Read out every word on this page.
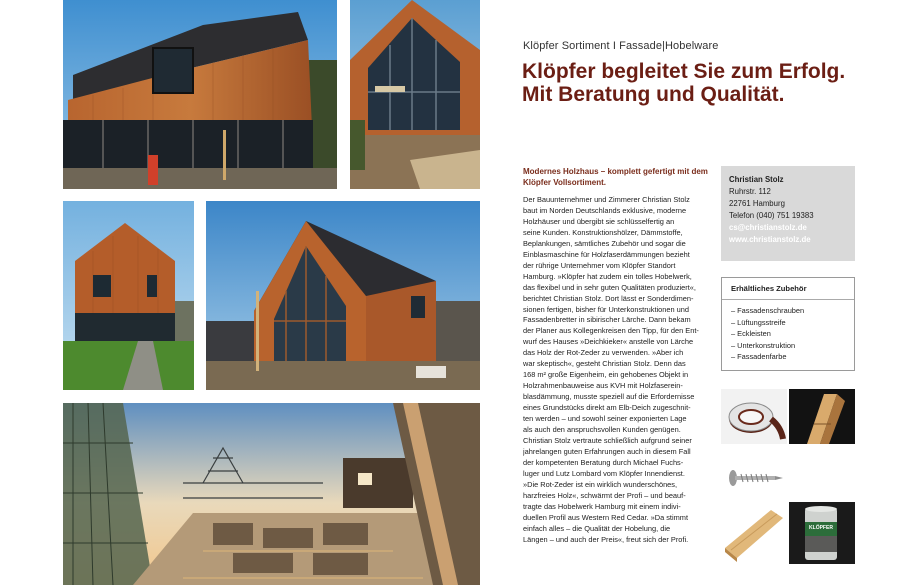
Klöpfer Sortiment I Fassade|Hobelware
Klöpfer begleitet Sie zum Erfolg.
Mit Beratung und Qualität.
Modernes Holzhaus – komplett gefertigt mit dem Klöpfer Vollsortiment.

Der Bauunternehmer und Zimmerer Christian Stolz
baut im Norden Deutschlands exklusive, moderne
Holzhäuser und übergibt sie schlüsselfertig an
seine Kunden. Konstruktionshölzer, Dämmstoffe,
Beplankungen, sämtliches Zubehör und sogar die
Einblasmaschine für Holzfaserdämmungen bezieht
der rührige Unternehmer vom Klöpfer Standort
Hamburg. »Klöpfer hat zudem ein tolles Hobelwerk,
das flexibel und in sehr guten Qualitäten produziert«,
berichtet Christian Stolz. Dort lässt er Sonderdimen-
sionen fertigen, bisher für Unterkonstruktionen und
Fassadenbretter in sibirischer Lärche. Dann bekam
der Planer aus Kollegenkreisen den Tipp, für den Ent-
wurf des Hauses »Deichkieker« anstelle von Lärche
das Holz der Rot-Zeder zu verwenden. »Aber ich
war skeptisch«, gesteht Christian Stolz. Denn das
168 m² große Eigenheim, ein gehobenes Objekt in
Holzrahmenbauweise aus KVH mit Holzfaserein-
blasdämmung, musste speziell auf die Erfordernisse
eines Grundstücks direkt am Elb-Deich zugeschnit-
ten werden – und sowohl seiner exponierten Lage
als auch den anspruchsvollen Kunden genügen.
Christian Stolz vertraute schließlich aufgrund seiner
jahrelangen guten Erfahrungen auch in diesem Fall
der kompetenten Beratung durch Michael Fuchs-
luger und Lutz Lombard vom Klöpfer Innendienst.
»Die Rot-Zeder ist ein wirklich wunderschönes,
harzfreies Holz«, schwärmt der Profi – und beauf-
tragte das Hobelwerk Hamburg mit einem indivi-
duellen Profil aus Western Red Cedar. »Da stimmt
einfach alles – die Qualität der Hobelung, die
Längen – und auch der Preis«, freut sich der Profi.

Christian Stolz
Ruhrstr. 112
22761 Hamburg
Telefon (040) 751 19383
cs@christianstolz.de
www.christianstolz.de
Erhältliches Zubehör
– Fassadenschrauben
– Lüftungsstreife
– Eckleisten
– Unterkonstruktion
– Fassadenfarbe
KLÖPFER
